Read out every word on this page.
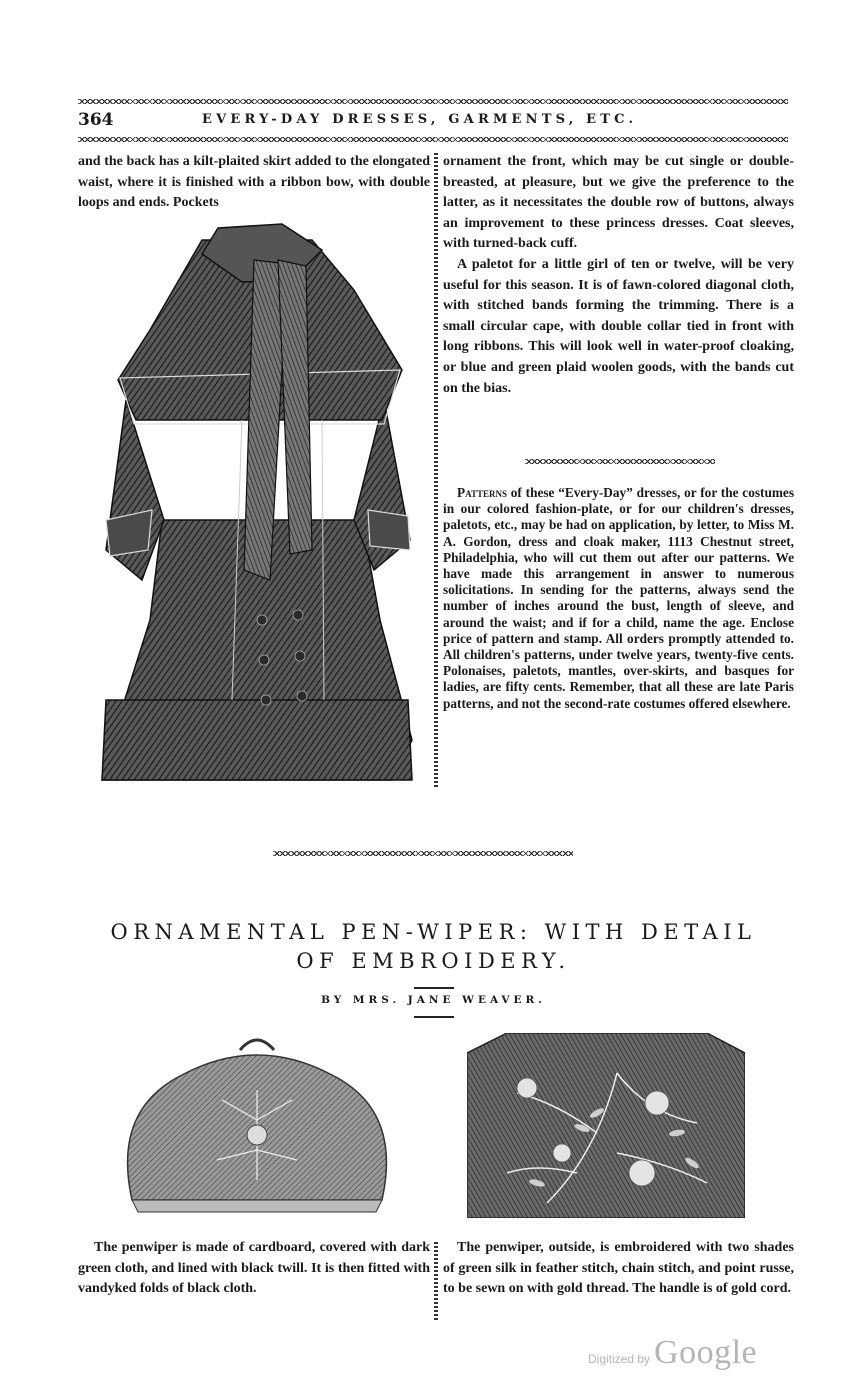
364	EVERY-DAY DRESSES, GARMENTS, ETC.

and the back has a kilt-plaited skirt added to the elongated waist, where it is finished with a ribbon bow, with double loops and ends. Pockets

ornament the front, which may be cut single or double-breasted, at pleasure, but we give the preference to the latter, as it necessitates the double row of buttons, always an improvement to these princess dresses. Coat sleeves, with turned-back cuff.

A paletot for a little girl of ten or twelve, will be very useful for this season. It is of fawn-colored diagonal cloth, with stitched bands forming the trimming. There is a small circular cape, with double collar tied in front with long ribbons. This will look well in water-proof cloaking, or blue and green plaid woolen goods, with the bands cut on the bias.

Patterns of these “Every-Day” dresses, or for the costumes in our colored fashion-plate, or for our children's dresses, paletots, etc., may be had on application, by letter, to Miss M. A. Gordon, dress and cloak maker, 1113 Chestnut street, Philadelphia, who will cut them out after our patterns. We have made this arrangement in answer to numerous solicitations. In sending for the patterns, always send the number of inches around the bust, length of sleeve, and around the waist; and if for a child, name the age. Enclose price of pattern and stamp. All orders promptly attended to. All children's patterns, under twelve years, twenty-five cents. Polonaises, paletots, mantles, over-skirts, and basques for ladies, are fifty cents. Remember, that all these are late Paris patterns, and not the second-rate costumes offered elsewhere.
ORNAMENTAL PEN-WIPER: WITH DETAIL
OF EMBROIDERY.
BY MRS. JANE WEAVER.

The penwiper is made of cardboard, covered with dark green cloth, and lined with black twill. It is then fitted with vandyked folds of black cloth.

The penwiper, outside, is embroidered with two shades of green silk in feather stitch, chain stitch, and point russe, to be sewn on with gold thread. The handle is of gold cord.

Digitized by Google
